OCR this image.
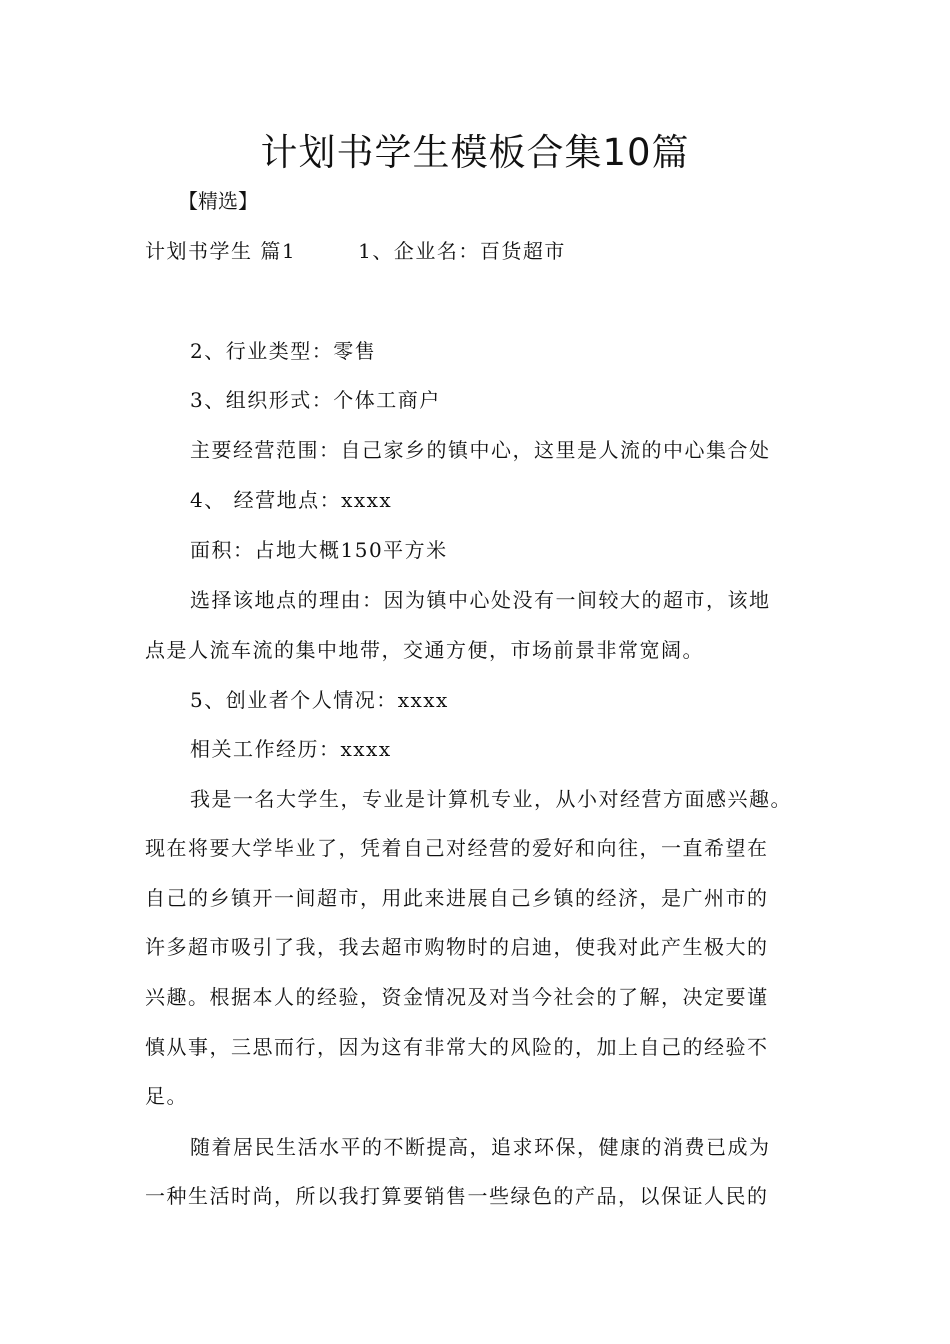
计划书学生模板合集10篇
【精选】
计划书学生 篇1	1、企业名：百货超市
2、行业类型：零售
3、组织形式：个体工商户
主要经营范围：自己家乡的镇中心，这里是人流的中心集合处
4、 经营地点：xxxx
面积：占地大概150平方米
选择该地点的理由：因为镇中心处没有一间较大的超市，该地
点是人流车流的集中地带，交通方便，市场前景非常宽阔。
5、创业者个人情况：xxxx
相关工作经历：xxxx
我是一名大学生，专业是计算机专业，从小对经营方面感兴趣。
现在将要大学毕业了，凭着自己对经营的爱好和向往，一直希望在
自己的乡镇开一间超市，用此来进展自己乡镇的经济，是广州市的
许多超市吸引了我，我去超市购物时的启迪，使我对此产生极大的
兴趣。根据本人的经验，资金情况及对当今社会的了解，决定要谨
慎从事，三思而行，因为这有非常大的风险的，加上自己的经验不
足。
随着居民生活水平的不断提高，追求环保，健康的消费已成为
一种生活时尚，所以我打算要销售一些绿色的产品，以保证人民的
